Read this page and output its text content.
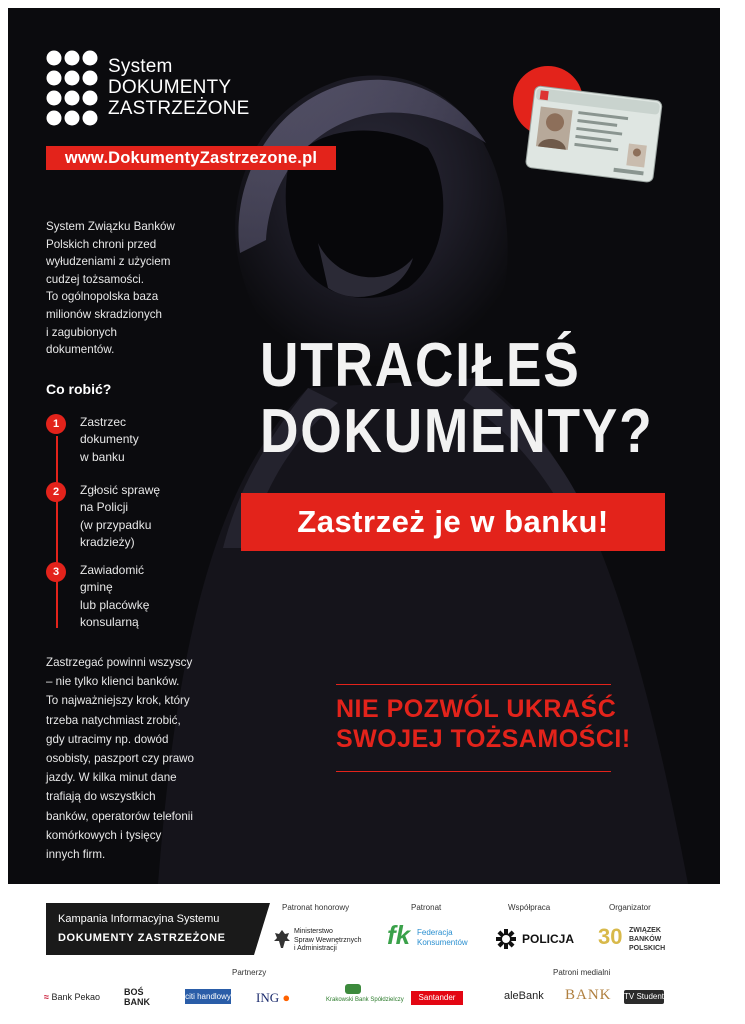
System
DOKUMENTY
ZASTRZEŻONE
www.DokumentyZastrzezone.pl
System Związku Banków
Polskich chroni przed
wyłudzeniami z użyciem
cudzej tożsamości.
To ogólnopolska baza
milionów skradzionych
i zagubionych
dokumentów.
Co robić?
1	Zastrzec
dokumenty
w banku
2	Zgłosić sprawę
na Policji
(w przypadku
kradzieży)
3	Zawiadomić
gminę
lub placówkę
konsularną
Zastrzegać powinni wszyscy
– nie tylko klienci banków.
To najważniejszy krok, który
trzeba natychmiast zrobić,
gdy utracimy np. dowód
osobisty, paszport czy prawo
jazdy. W kilka minut dane
trafiają do wszystkich
banków, operatorów telefonii
komórkowych i tysięcy
innych firm.
UTRACIŁEŚ
DOKUMENTY?
Zastrzeż je w banku!
NIE POZWÓL UKRAŚĆ
SWOJEJ TOŻSAMOŚCI!
Kampania Informacyjna Systemu
DOKUMENTY ZASTRZEŻONE
Patronat honorowy	Patronat	Współpraca	Organizator
Ministerstwo
Spraw Wewnętrznych
i Administracji	fk Federacja
Konsumentów	POLICJA 30 ZWIĄZEK
BANKÓW
POLSKICH
Partnerzy	Patroni medialni
≈ Bank Pekao	BOŚ BANK
citi handlowy ING ●	Krakowski Bank Spółdzielczy	Santander	aleBank BANK TV Student
